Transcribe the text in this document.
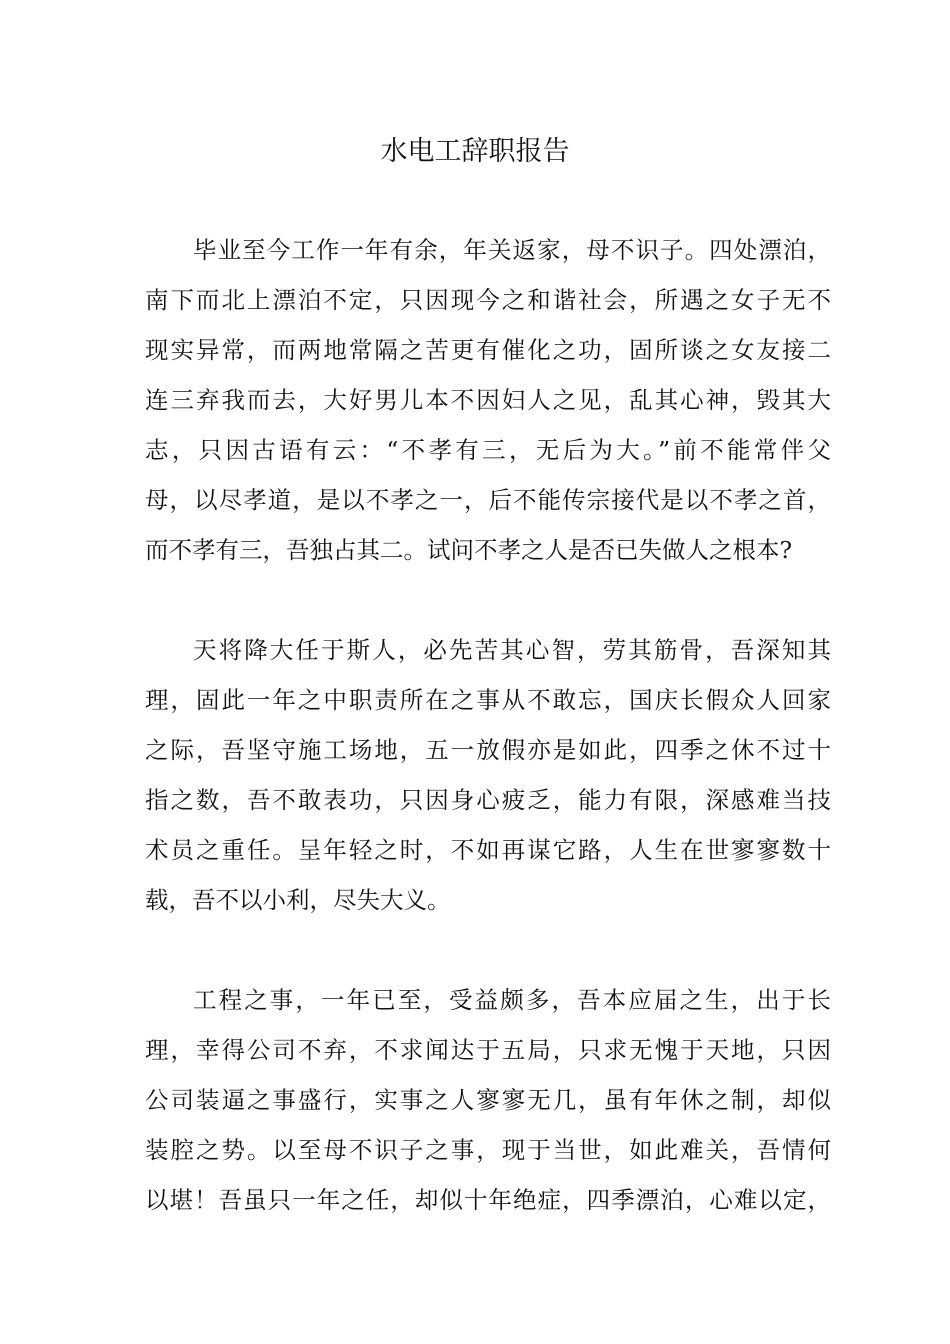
水电工辞职报告
毕业至今工作一年有余，年关返家，母不识子。四处漂泊，
南下而北上漂泊不定，只因现今之和谐社会，所遇之女子无不
现实异常，而两地常隔之苦更有催化之功，固所谈之女友接二
连三弃我而去，大好男儿本不因妇人之见，乱其心神，毁其大
志，只因古语有云：“不孝有三，无后为大。”前不能常伴父
母，以尽孝道，是以不孝之一，后不能传宗接代是以不孝之首，
而不孝有三，吾独占其二。试问不孝之人是否已失做人之根本?
天将降大任于斯人，必先苦其心智，劳其筋骨，吾深知其
理，固此一年之中职责所在之事从不敢忘，国庆长假众人回家
之际，吾坚守施工场地，五一放假亦是如此，四季之休不过十
指之数，吾不敢表功，只因身心疲乏，能力有限，深感难当技
术员之重任。呈年轻之时，不如再谋它路，人生在世寥寥数十
载，吾不以小利，尽失大义。
工程之事，一年已至，受益颇多，吾本应届之生，出于长
理，幸得公司不弃，不求闻达于五局，只求无愧于天地，只因
公司装逼之事盛行，实事之人寥寥无几，虽有年休之制，却似
装腔之势。以至母不识子之事，现于当世，如此难关，吾情何
以堪！吾虽只一年之任，却似十年绝症，四季漂泊，心难以定，
